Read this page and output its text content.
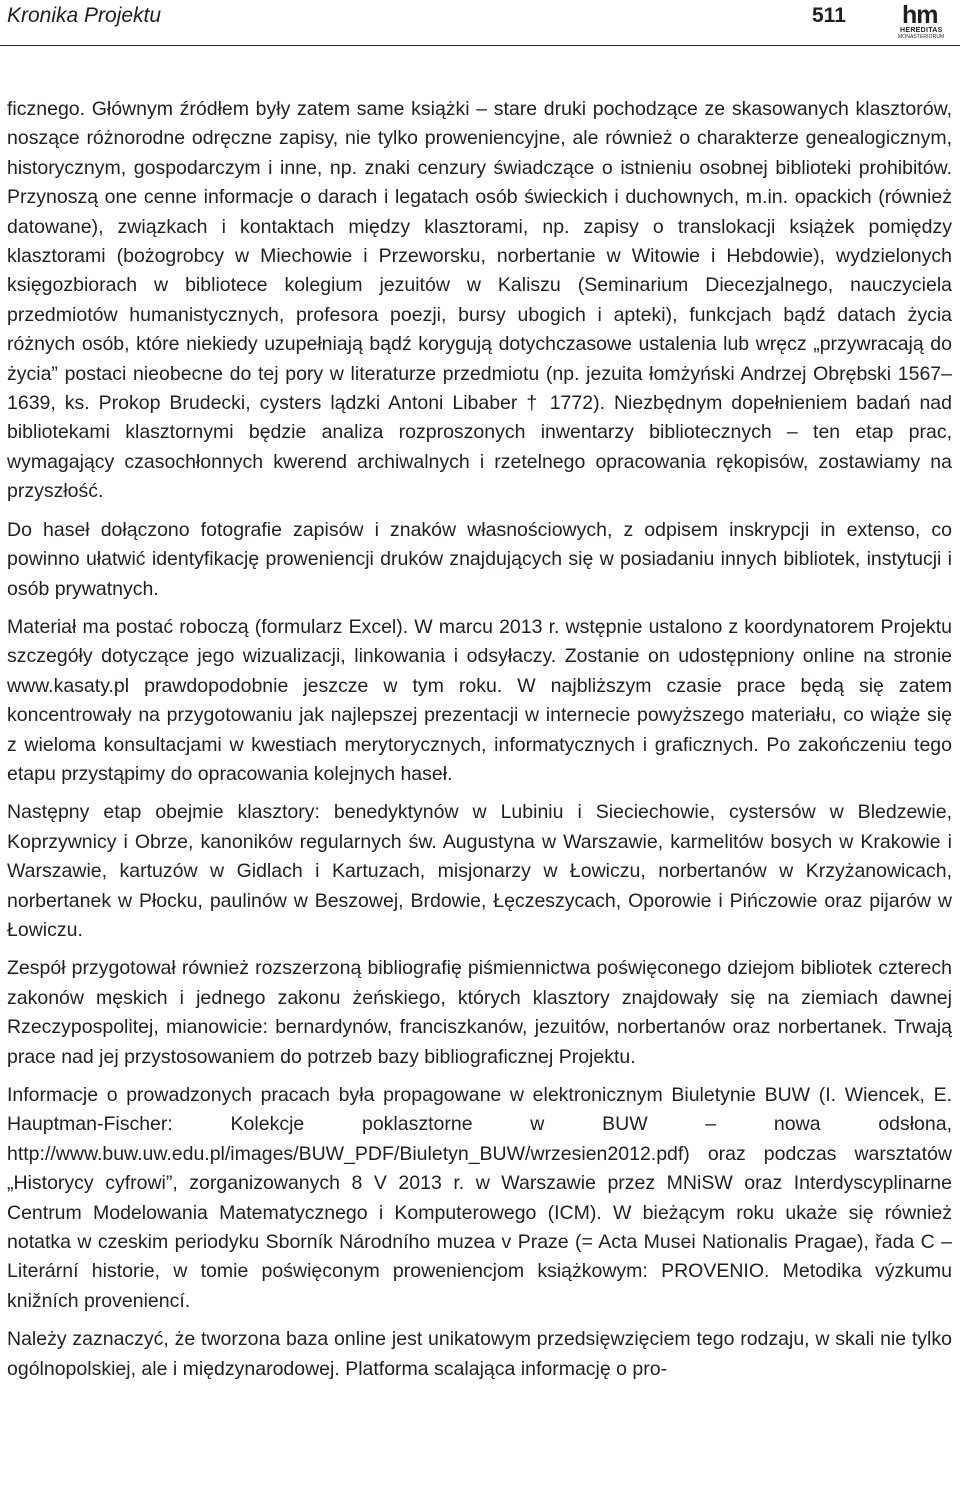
Kronika Projektu	511 hm
HEREDITAS
MONASTERIORUM

ficznego. Głównym źródłem były zatem same książki – stare druki pochodzące ze skasowanych klasztorów, noszące różnorodne odręczne zapisy, nie tylko proweniencyjne, ale również o charakterze genealogicznym, historycznym, gospodarczym i inne, np. znaki cenzury świadczące o istnieniu osobnej biblioteki prohibitów. Przynoszą one cenne informacje o darach i legatach osób świeckich i duchownych, m.in. opackich (również datowane), związkach i kontaktach między klasztorami, np. zapisy o translokacji książek pomiędzy klasztorami (bożogrobcy w Miechowie i Przeworsku, norbertanie w Witowie i Hebdowie), wydzielonych księgozbiorach w bibliotece kolegium jezuitów w Kaliszu (Seminarium Diecezjalnego, nauczyciela przedmiotów humanistycznych, profesora poezji, bursy ubogich i apteki), funkcjach bądź datach życia różnych osób, które niekiedy uzupełniają bądź korygują dotychczasowe ustalenia lub wręcz „przywracają do życia” postaci nieobecne do tej pory w literaturze przedmiotu (np. jezuita łomżyński Andrzej Obrębski 1567–1639, ks. Prokop Brudecki, cysters lądzki Antoni Libaber † 1772). Niezbędnym dopełnieniem badań nad bibliotekami klasztornymi będzie analiza rozproszonych inwentarzy bibliotecznych – ten etap prac, wymagający czasochłonnych kwerend archiwalnych i rzetelnego opracowania rękopisów, zostawiamy na przyszłość.

Do haseł dołączono fotografie zapisów i znaków własnościowych, z odpisem inskrypcji in extenso, co powinno ułatwić identyfikację proweniencji druków znajdujących się w posiadaniu innych bibliotek, instytucji i osób prywatnych.

Materiał ma postać roboczą (formularz Excel). W marcu 2013 r. wstępnie ustalono z koordynatorem Projektu szczegóły dotyczące jego wizualizacji, linkowania i odsyłaczy. Zostanie on udostępniony online na stronie www.kasaty.pl prawdopodobnie jeszcze w tym roku. W najbliższym czasie prace będą się zatem koncentrowały na przygotowaniu jak najlepszej prezentacji w internecie powyższego materiału, co wiąże się z wieloma konsultacjami w kwestiach merytorycznych, informatycznych i graficznych. Po zakończeniu tego etapu przystąpimy do opracowania kolejnych haseł.

Następny etap obejmie klasztory: benedyktynów w Lubiniu i Sieciechowie, cystersów w Bledzewie, Koprzywnicy i Obrze, kanoników regularnych św. Augustyna w Warszawie, karmelitów bosych w Krakowie i Warszawie, kartuzów w Gidlach i Kartuzach, misjonarzy w Łowiczu, norbertanów w Krzyżanowicach, norbertanek w Płocku, paulinów w Beszowej, Brdowie, Łęczeszycach, Oporowie i Pińczowie oraz pijarów w Łowiczu.

Zespół przygotował również rozszerzoną bibliografię piśmiennictwa poświęconego dziejom bibliotek czterech zakonów męskich i jednego zakonu żeńskiego, których klasztory znajdowały się na ziemiach dawnej Rzeczypospolitej, mianowicie: bernardynów, franciszkanów, jezuitów, norbertanów oraz norbertanek. Trwają prace nad jej przystosowaniem do potrzeb bazy bibliograficznej Projektu.

Informacje o prowadzonych pracach była propagowane w elektronicznym Biuletynie BUW (I. Wiencek, E. Hauptman-Fischer: Kolekcje poklasztorne w BUW – nowa odsłona, http://www.buw.uw.edu.pl/images/BUW_PDF/Biuletyn_BUW/wrzesien2012.pdf) oraz podczas warsztatów „Historycy cyfrowi”, zorganizowanych 8 V 2013 r. w Warszawie przez MNiSW oraz Interdyscyplinarne Centrum Modelowania Matematycznego i Komputerowego (ICM). W bieżącym roku ukaże się również notatka w czeskim periodyku Sborník Národního muzea v Praze (= Acta Musei Nationalis Pragae), řada C – Literární historie, w tomie poświęconym proweniencjom książkowym: PROVENIO. Metodika výzkumu knižních proveniencí.

Należy zaznaczyć, że tworzona baza online jest unikatowym przedsięwzięciem tego rodzaju, w skali nie tylko ogólnopolskiej, ale i międzynarodowej. Platforma scalająca informację o pro-
